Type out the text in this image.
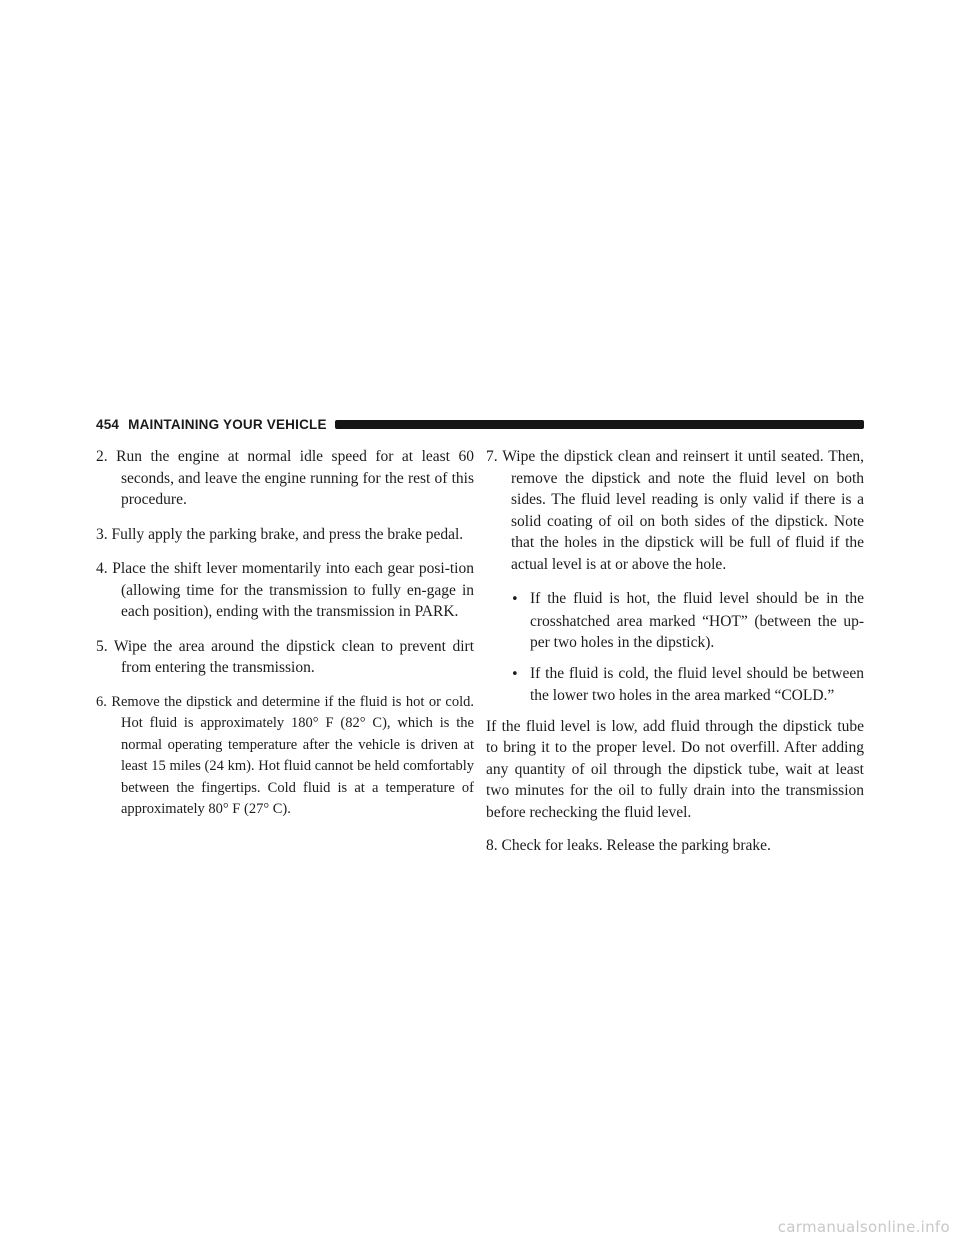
454 MAINTAINING YOUR VEHICLE

2. Run the engine at normal idle speed for at least 60 seconds, and leave the engine running for the rest of this procedure.

3. Fully apply the parking brake, and press the brake pedal.

4. Place the shift lever momentarily into each gear posi-tion (allowing time for the transmission to fully en-gage in each position), ending with the transmission in PARK.

5. Wipe the area around the dipstick clean to prevent dirt from entering the transmission.

6. Remove the dipstick and determine if the fluid is hot or cold. Hot fluid is approximately 180° F (82° C), which is the normal operating temperature after the vehicle is driven at least 15 miles (24 km). Hot fluid cannot be held comfortably between the fingertips. Cold fluid is at a temperature of approximately 80° F (27° C).

7. Wipe the dipstick clean and reinsert it until seated. Then, remove the dipstick and note the fluid level on both sides. The fluid level reading is only valid if there is a solid coating of oil on both sides of the dipstick. Note that the holes in the dipstick will be full of fluid if the actual level is at or above the hole.

• If the fluid is hot, the fluid level should be in the crosshatched area marked “HOT” (between the up-per two holes in the dipstick).

• If the fluid is cold, the fluid level should be between the lower two holes in the area marked “COLD.”

If the fluid level is low, add fluid through the dipstick tube to bring it to the proper level. Do not overfill. After adding any quantity of oil through the dipstick tube, wait at least two minutes for the oil to fully drain into the transmission before rechecking the fluid level.

8. Check for leaks. Release the parking brake.

carmanualsonline.info
